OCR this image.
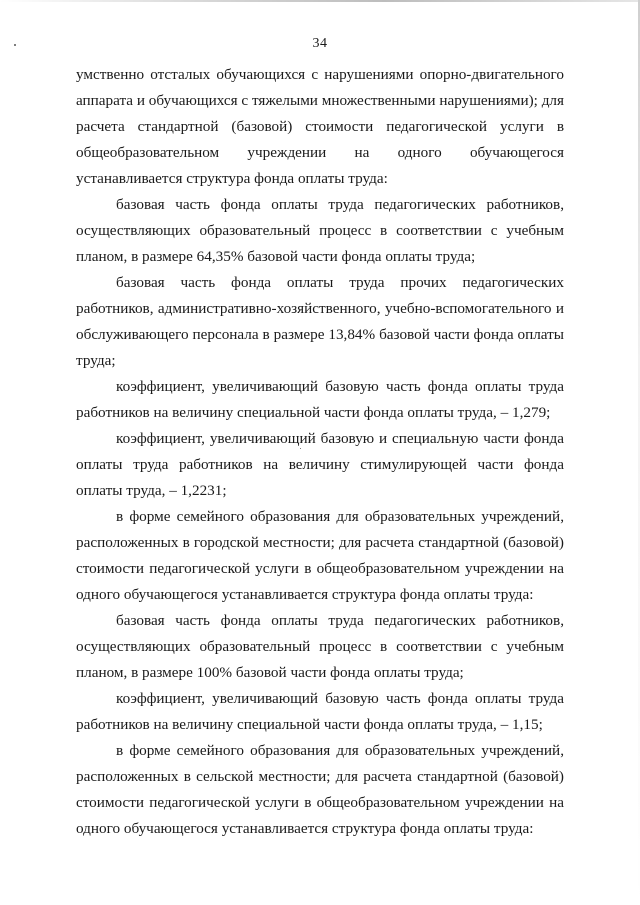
34

умственно отсталых обучающихся с нарушениями опорно-двигательного аппарата и обучающихся с тяжелыми множественными нарушениями); для расчета стандартной (базовой) стоимости педагогической услуги в общеобразовательном учреждении на одного обучающегося устанавливается структура фонда оплаты труда:

базовая часть фонда оплаты труда педагогических работников, осуществляющих образовательный процесс в соответствии с учебным планом, в размере 64,35% базовой части фонда оплаты труда;

базовая часть фонда оплаты труда прочих педагогических работников, административно-хозяйственного, учебно-вспомогательного и обслуживающего персонала в размере 13,84% базовой части фонда оплаты труда;

коэффициент, увеличивающий базовую часть фонда оплаты труда работников на величину специальной части фонда оплаты труда, – 1,279;

коэффициент, увеличивающий базовую и специальную части фонда оплаты труда работников на величину стимулирующей части фонда оплаты труда, – 1,2231;

в форме семейного образования для образовательных учреждений, расположенных в городской местности; для расчета стандартной (базовой) стоимости педагогической услуги в общеобразовательном учреждении на одного обучающегося устанавливается структура фонда оплаты труда:

базовая часть фонда оплаты труда педагогических работников, осуществляющих образовательный процесс в соответствии с учебным планом, в размере 100% базовой части фонда оплаты труда;

коэффициент, увеличивающий базовую часть фонда оплаты труда работников на величину специальной части фонда оплаты труда, – 1,15;

в форме семейного образования для образовательных учреждений, расположенных в сельской местности; для расчета стандартной (базовой) стоимости педагогической услуги в общеобразовательном учреждении на одного обучающегося устанавливается структура фонда оплаты труда:
